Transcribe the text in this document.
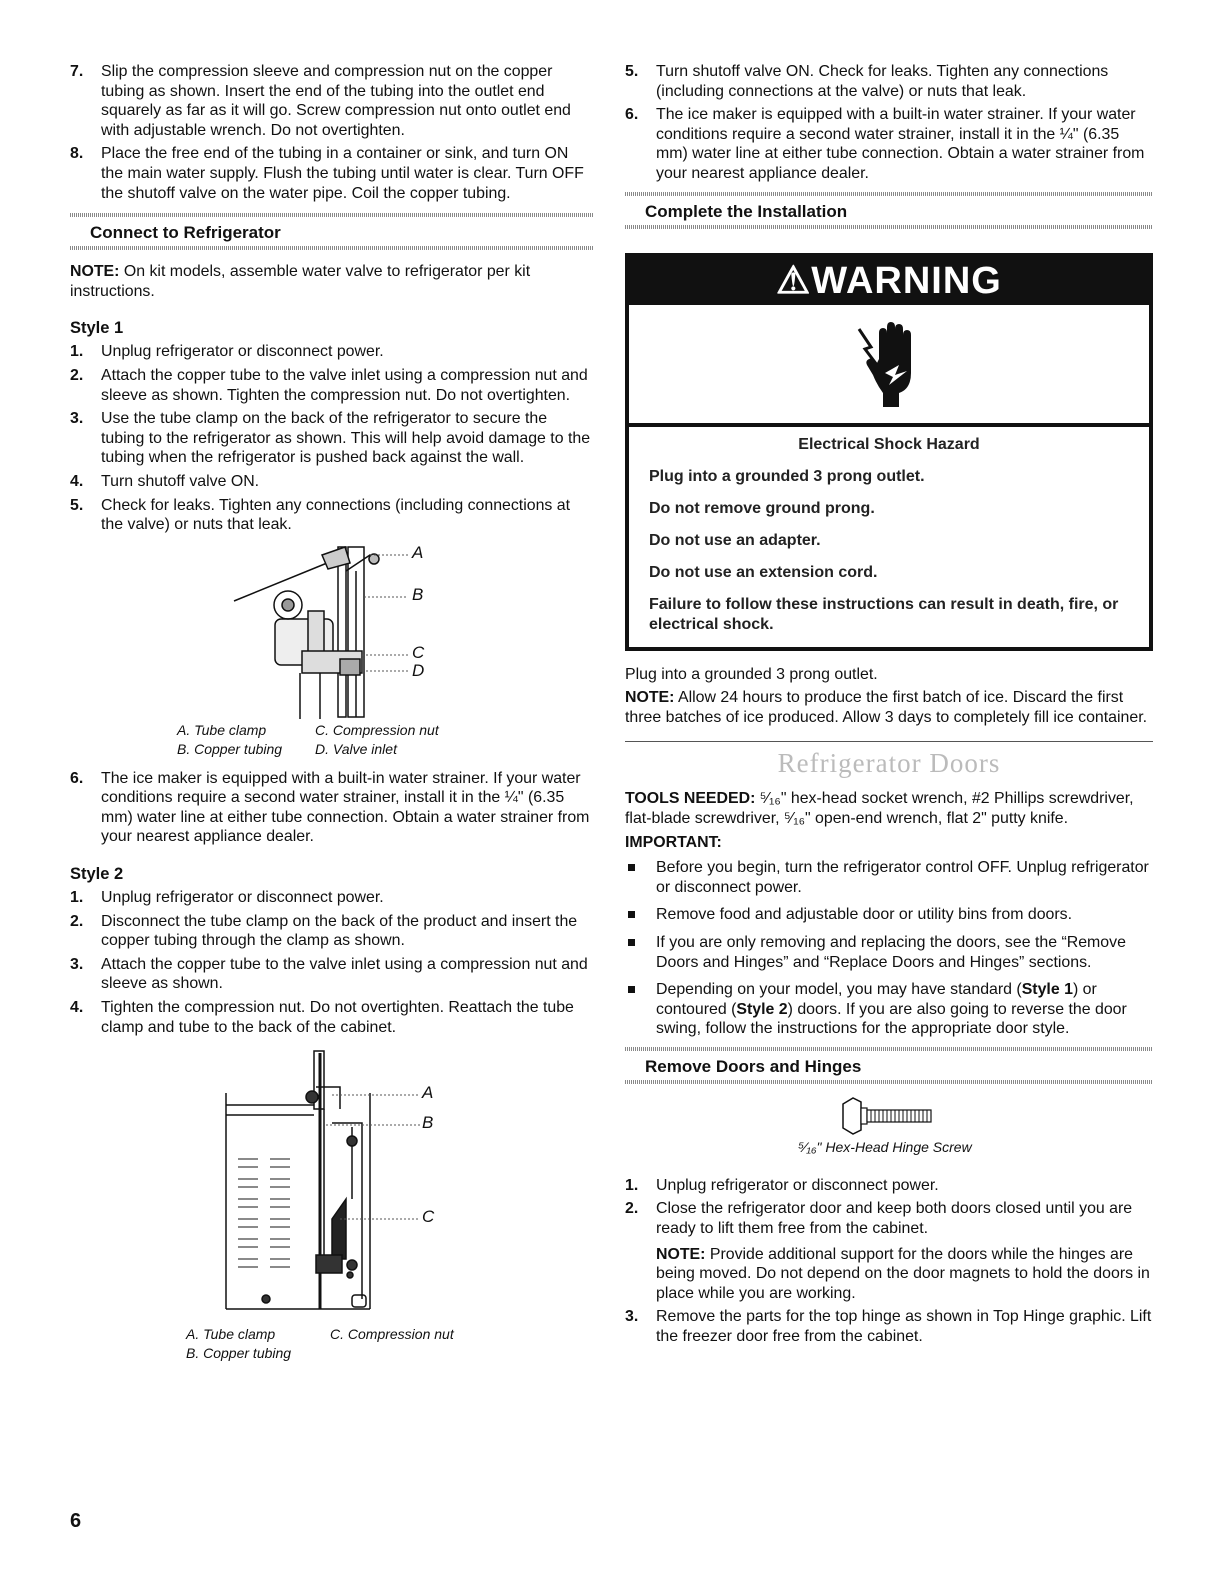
7. Slip the compression sleeve and compression nut on the copper tubing as shown. Insert the end of the tubing into the outlet end squarely as far as it will go. Screw compression nut onto outlet end with adjustable wrench. Do not overtighten.
8. Place the free end of the tubing in a container or sink, and turn ON the main water supply. Flush the tubing until water is clear. Turn OFF the shutoff valve on the water pipe. Coil the copper tubing.
Connect to Refrigerator

NOTE: On kit models, assemble water valve to refrigerator per kit instructions.

Style 1
1. Unplug refrigerator or disconnect power.
2. Attach the copper tube to the valve inlet using a compression nut and sleeve as shown. Tighten the compression nut. Do not overtighten.
3. Use the tube clamp on the back of the refrigerator to secure the tubing to the refrigerator as shown. This will help avoid damage to the tubing when the refrigerator is pushed back against the wall.
4. Turn shutoff valve ON.
5. Check for leaks. Tighten any connections (including connections at the valve) or nuts that leak.
A
B
C
D
A. Tube clamp
B. Copper tubing
C. Compression nut
D. Valve inlet
6. The ice maker is equipped with a built-in water strainer. If your water conditions require a second water strainer, install it in the ¼" (6.35 mm) water line at either tube connection. Obtain a water strainer from your nearest appliance dealer.
Style 2
1. Unplug refrigerator or disconnect power.
2. Disconnect the tube clamp on the back of the product and insert the copper tubing through the clamp as shown.
3. Attach the copper tube to the valve inlet using a compression nut and sleeve as shown.
4. Tighten the compression nut. Do not overtighten. Reattach the tube clamp and tube to the back of the cabinet.
A
B
C
A. Tube clamp
B. Copper tubing
C. Compression nut
5. Turn shutoff valve ON. Check for leaks. Tighten any connections (including connections at the valve) or nuts that leak.
6. The ice maker is equipped with a built-in water strainer. If your water conditions require a second water strainer, install it in the ¼" (6.35 mm) water line at either tube connection. Obtain a water strainer from your nearest appliance dealer.
Complete the Installation
⚠WARNING

Electrical Shock Hazard

Plug into a grounded 3 prong outlet.

Do not remove ground prong.

Do not use an adapter.

Do not use an extension cord.

Failure to follow these instructions can result in death, fire, or electrical shock.

Plug into a grounded 3 prong outlet.

NOTE: Allow 24 hours to produce the first batch of ice. Discard the first three batches of ice produced. Allow 3 days to completely fill ice container.

Refrigerator Doors

TOOLS NEEDED: ⁵⁄₁₆" hex-head socket wrench, #2 Phillips screwdriver, flat-blade screwdriver, ⁵⁄₁₆" open-end wrench, flat 2" putty knife.

IMPORTANT:

Before you begin, turn the refrigerator control OFF. Unplug refrigerator or disconnect power.
Remove food and adjustable door or utility bins from doors.
If you are only removing and replacing the doors, see the “Remove Doors and Hinges” and “Replace Doors and Hinges” sections.
Depending on your model, you may have standard (Style 1) or contoured (Style 2) doors. If you are also going to reverse the door swing, follow the instructions for the appropriate door style.
Remove Doors and Hinges
⁵⁄₁₆" Hex-Head Hinge Screw
1. Unplug refrigerator or disconnect power.
2. Close the refrigerator door and keep both doors closed until you are ready to lift them free from the cabinet.

NOTE: Provide additional support for the doors while the hinges are being moved. Do not depend on the door magnets to hold the doors in place while you are working.

3. Remove the parts for the top hinge as shown in Top Hinge graphic. Lift the freezer door free from the cabinet.
6
